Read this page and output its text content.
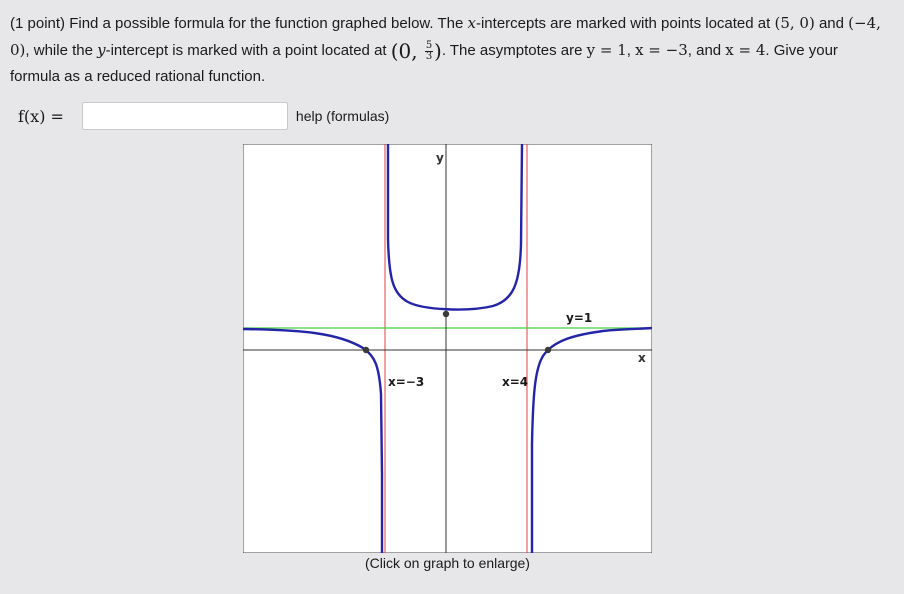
(1 point) Find a possible formula for the function graphed below. The x-intercepts are marked with points located at (5, 0) and (−4, 0), while the y-intercept is marked with a point located at (0, $\frac{5}{3}$ ). The asymptotes are y = 1, x = −3, and x = 4. Give your formula as a reduced rational function.
f(x) =	help (formulas)
y
x
y=1
x=−3	x=4
(Click on graph to enlarge)
